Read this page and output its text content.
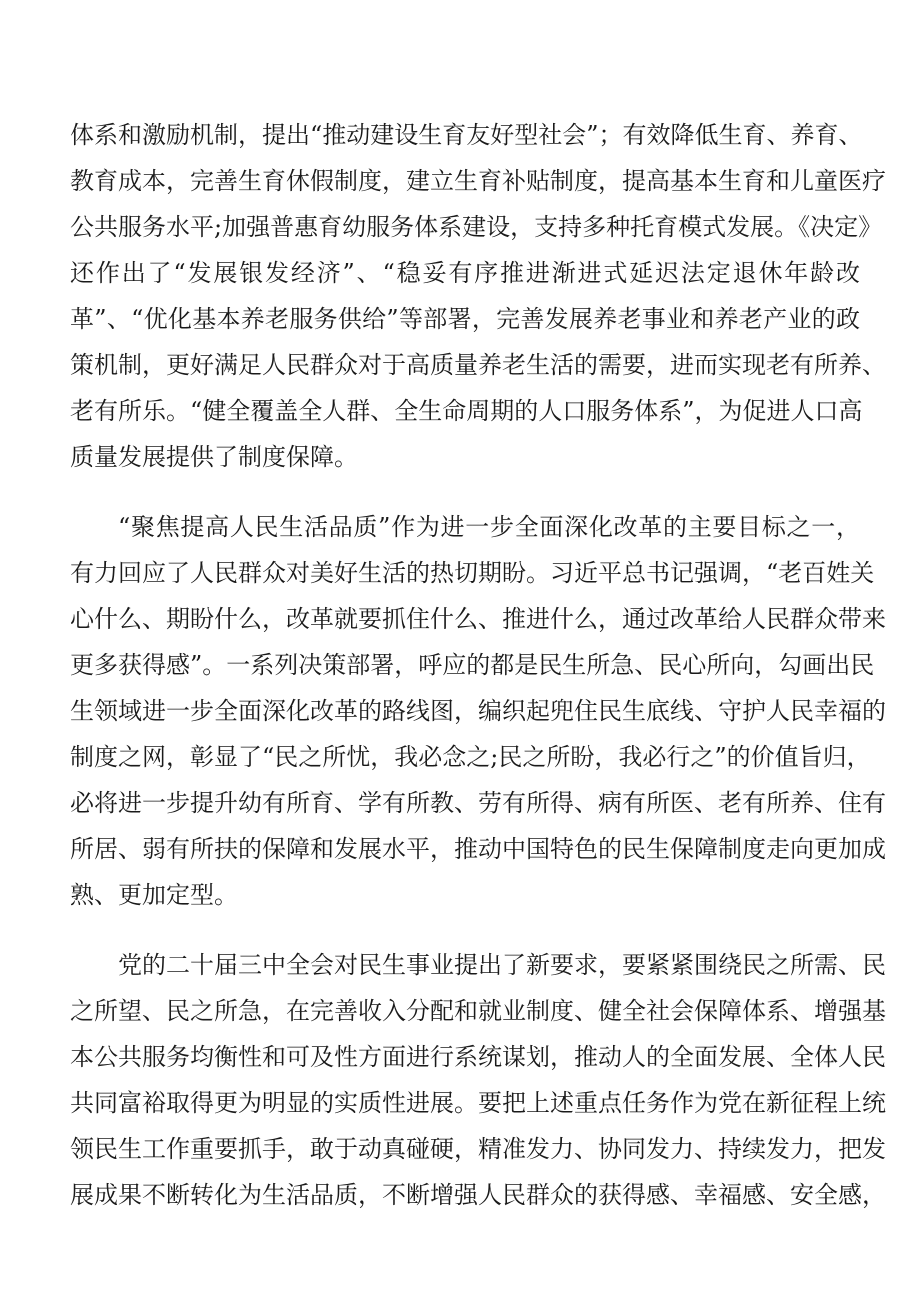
体系和激励机制，提出“推动建设生育友好型社会”；有效降低生育、养育、
教育成本，完善生育休假制度，建立生育补贴制度，提高基本生育和儿童医疗
公共服务水平;加强普惠育幼服务体系建设，支持多种托育模式发展。《决定》
还作出了“发展银发经济”、“稳妥有序推进渐进式延迟法定退休年龄改
革”、“优化基本养老服务供给”等部署，完善发展养老事业和养老产业的政
策机制，更好满足人民群众对于高质量养老生活的需要，进而实现老有所养、
老有所乐。“健全覆盖全人群、全生命周期的人口服务体系”，为促进人口高
质量发展提供了制度保障。
“聚焦提高人民生活品质”作为进一步全面深化改革的主要目标之一，
有力回应了人民群众对美好生活的热切期盼。习近平总书记强调，“老百姓关
心什么、期盼什么，改革就要抓住什么、推进什么，通过改革给人民群众带来
更多获得感”。一系列决策部署，呼应的都是民生所急、民心所向，勾画出民
生领域进一步全面深化改革的路线图，编织起兜住民生底线、守护人民幸福的
制度之网，彰显了“民之所忧，我必念之;民之所盼，我必行之”的价值旨归，
必将进一步提升幼有所育、学有所教、劳有所得、病有所医、老有所养、住有
所居、弱有所扶的保障和发展水平，推动中国特色的民生保障制度走向更加成
熟、更加定型。
党的二十届三中全会对民生事业提出了新要求，要紧紧围绕民之所需、民
之所望、民之所急，在完善收入分配和就业制度、健全社会保障体系、增强基
本公共服务均衡性和可及性方面进行系统谋划，推动人的全面发展、全体人民
共同富裕取得更为明显的实质性进展。要把上述重点任务作为党在新征程上统
领民生工作重要抓手，敢于动真碰硬，精准发力、协同发力、持续发力，把发
展成果不断转化为生活品质，不断增强人民群众的获得感、幸福感、安全感，
